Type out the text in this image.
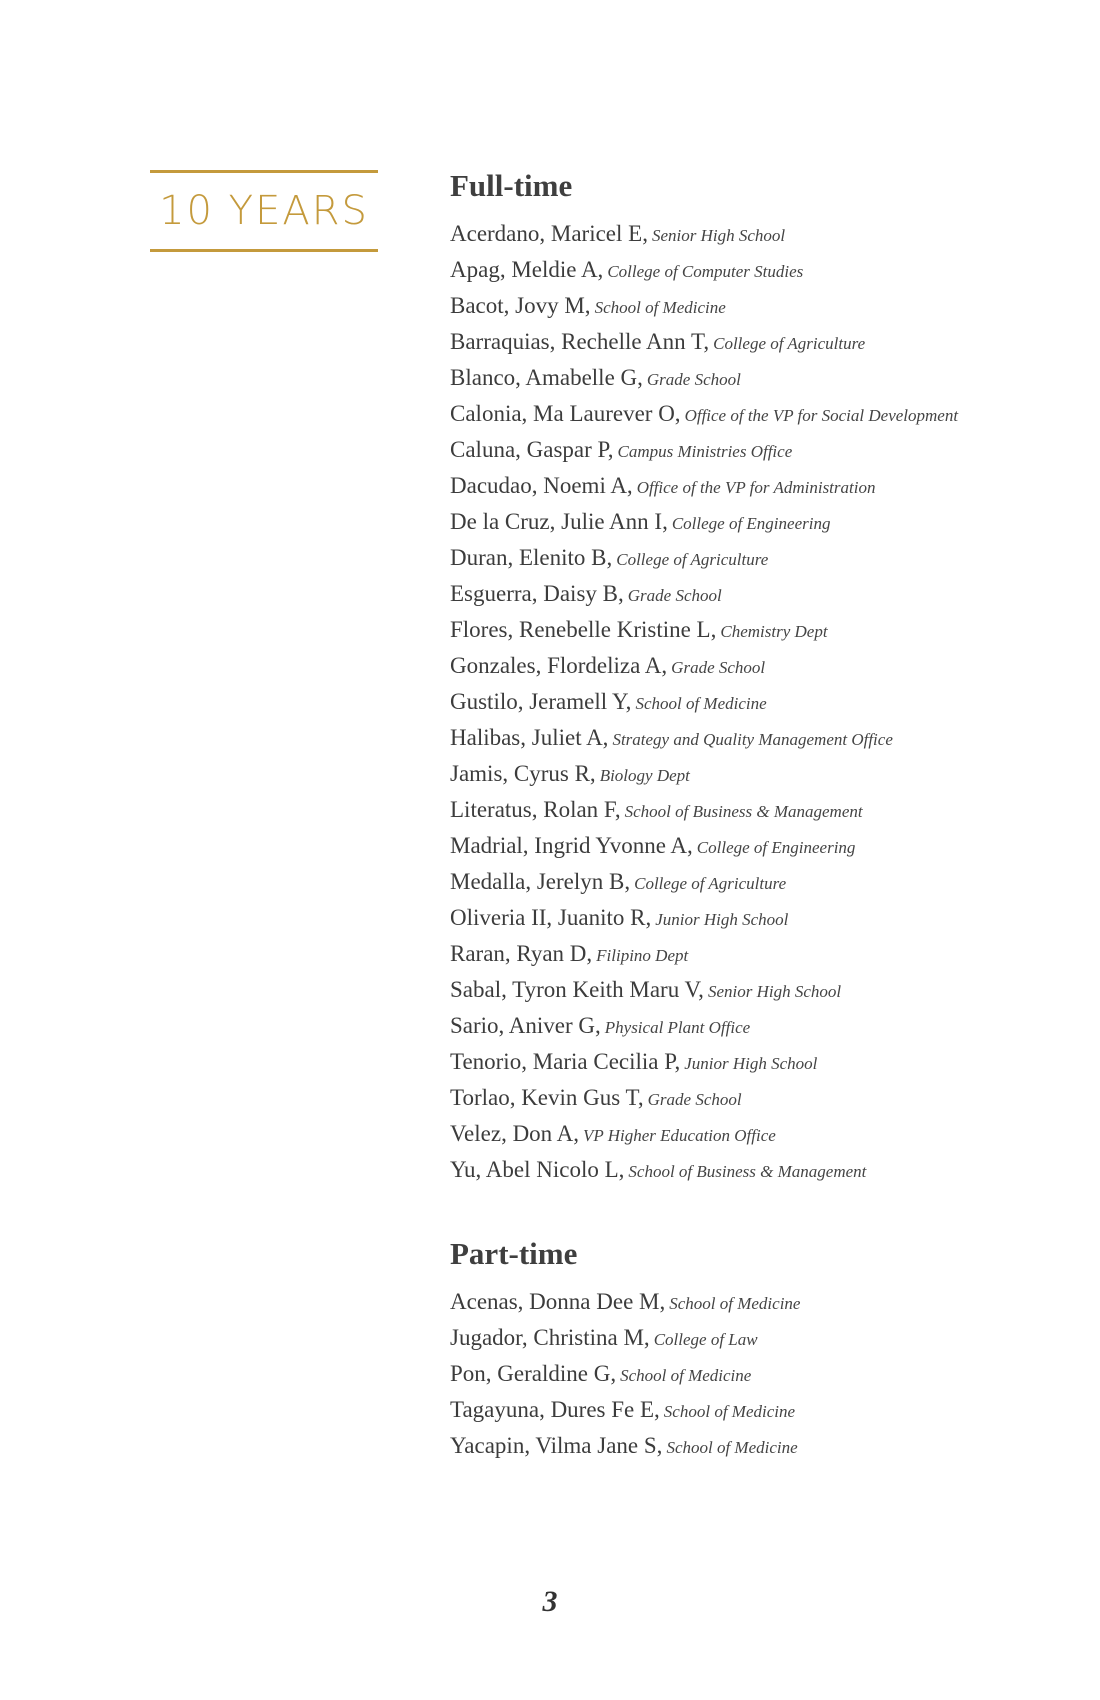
10 YEARS
Full-time
Acerdano, Maricel E, Senior High School
Apag, Meldie A, College of Computer Studies
Bacot, Jovy M, School of Medicine
Barraquias, Rechelle Ann T, College of Agriculture
Blanco, Amabelle G, Grade School
Calonia, Ma Laurever O, Office of the VP for Social Development
Caluna, Gaspar P, Campus Ministries Office
Dacudao, Noemi A, Office of the VP for Administration
De la Cruz, Julie Ann I, College of Engineering
Duran, Elenito B, College of Agriculture
Esguerra, Daisy B, Grade School
Flores, Renebelle Kristine L, Chemistry Dept
Gonzales, Flordeliza A, Grade School
Gustilo, Jeramell Y, School of Medicine
Halibas, Juliet A, Strategy and Quality Management Office
Jamis, Cyrus R, Biology Dept
Literatus, Rolan F, School of Business & Management
Madrial, Ingrid Yvonne A, College of Engineering
Medalla, Jerelyn B, College of Agriculture
Oliveria II, Juanito R, Junior High School
Raran, Ryan D, Filipino Dept
Sabal, Tyron Keith Maru V, Senior High School
Sario, Aniver G, Physical Plant Office
Tenorio, Maria Cecilia P, Junior High School
Torlao, Kevin Gus T, Grade School
Velez, Don A, VP Higher Education Office
Yu, Abel Nicolo L, School of Business & Management
Part-time
Acenas, Donna Dee M, School of Medicine
Jugador, Christina M, College of Law
Pon, Geraldine G, School of Medicine
Tagayuna, Dures Fe E, School of Medicine
Yacapin, Vilma Jane S, School of Medicine
3
